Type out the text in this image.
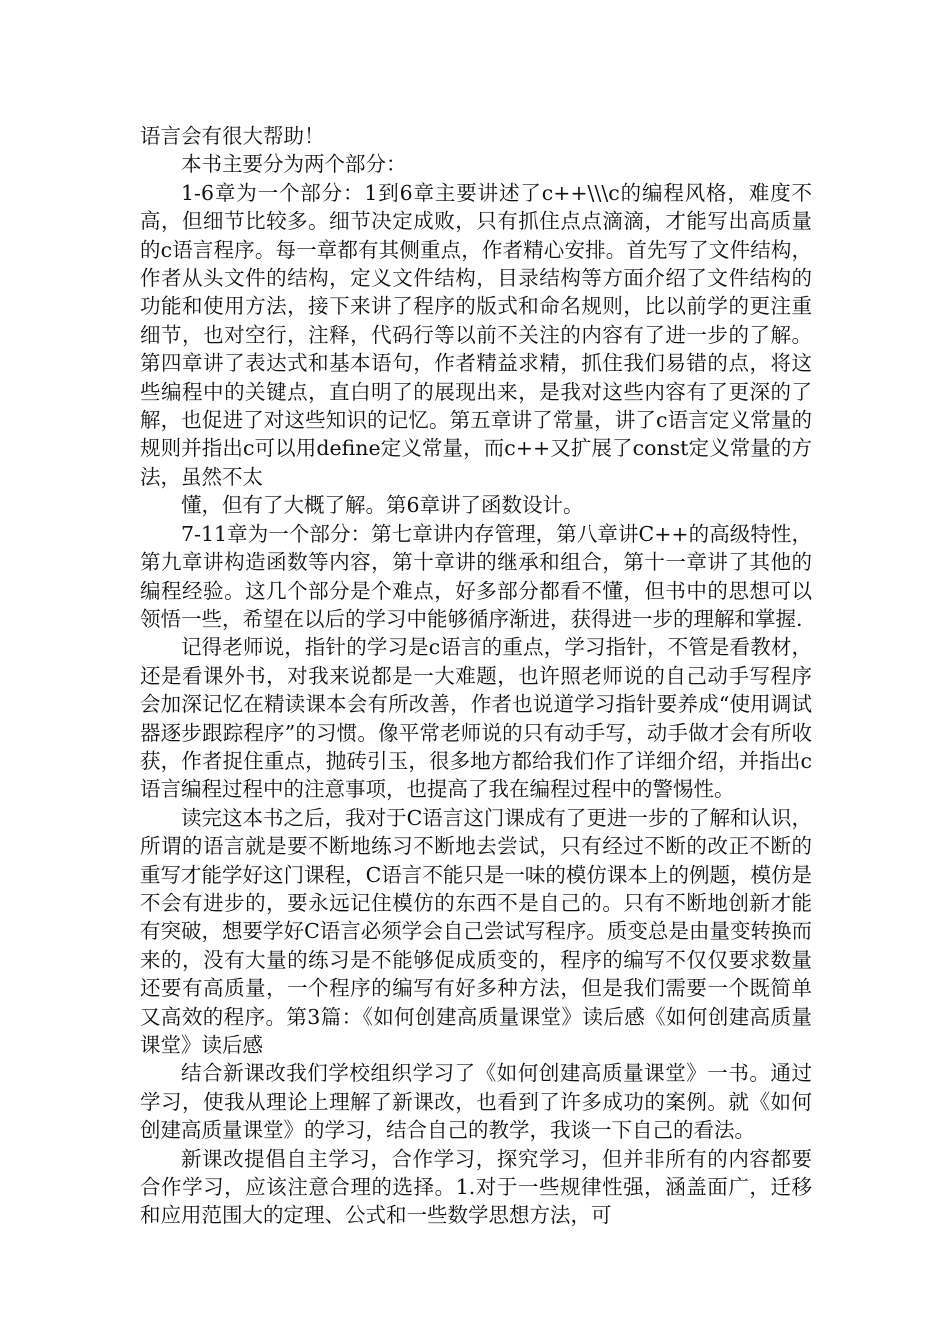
语言会有很大帮助！

本书主要分为两个部分：

1-6章为一个部分：1到6章主要讲述了c++\\\c的编程风格，难度不高，但细节比较多。细节决定成败，只有抓住点点滴滴，才能写出高质量的c语言程序。每一章都有其侧重点，作者精心安排。首先写了文件结构，作者从头文件的结构，定义文件结构，目录结构等方面介绍了文件结构的功能和使用方法，接下来讲了程序的版式和命名规则，比以前学的更注重细节，也对空行，注释，代码行等以前不关注的内容有了进一步的了解。第四章讲了表达式和基本语句，作者精益求精，抓住我们易错的点，将这些编程中的关键点，直白明了的展现出来，是我对这些内容有了更深的了解，也促进了对这些知识的记忆。第五章讲了常量，讲了c语言定义常量的规则并指出c可以用define定义常量，而c++又扩展了const定义常量的方法，虽然不太

懂，但有了大概了解。第6章讲了函数设计。

7-11章为一个部分：第七章讲内存管理，第八章讲C++的高级特性，第九章讲构造函数等内容，第十章讲的继承和组合，第十一章讲了其他的编程经验。这几个部分是个难点，好多部分都看不懂，但书中的思想可以领悟一些，希望在以后的学习中能够循序渐进，获得进一步的理解和掌握.

记得老师说，指针的学习是c语言的重点，学习指针，不管是看教材，还是看课外书，对我来说都是一大难题，也许照老师说的自己动手写程序会加深记忆在精读课本会有所改善，作者也说道学习指针要养成“使用调试器逐步跟踪程序”的习惯。像平常老师说的只有动手写，动手做才会有所收获，作者捉住重点，抛砖引玉，很多地方都给我们作了详细介绍，并指出c语言编程过程中的注意事项，也提高了我在编程过程中的警惕性。

读完这本书之后，我对于C语言这门课成有了更进一步的了解和认识，所谓的语言就是要不断地练习不断地去尝试，只有经过不断的改正不断的重写才能学好这门课程，C语言不能只是一味的模仿课本上的例题，模仿是不会有进步的，要永远记住模仿的东西不是自己的。只有不断地创新才能有突破，想要学好C语言必须学会自己尝试写程序。质变总是由量变转换而来的，没有大量的练习是不能够促成质变的，程序的编写不仅仅要求数量还要有高质量，一个程序的编写有好多种方法，但是我们需要一个既简单又高效的程序。第3篇：《如何创建高质量课堂》读后感《如何创建高质量课堂》读后感

结合新课改我们学校组织学习了《如何创建高质量课堂》一书。通过学习，使我从理论上理解了新课改，也看到了许多成功的案例。就《如何创建高质量课堂》的学习，结合自己的教学，我谈一下自己的看法。

新课改提倡自主学习，合作学习，探究学习，但并非所有的内容都要合作学习，应该注意合理的选择。1.对于一些规律性强，涵盖面广，迁移和应用范围大的定理、公式和一些数学思想方法，可
